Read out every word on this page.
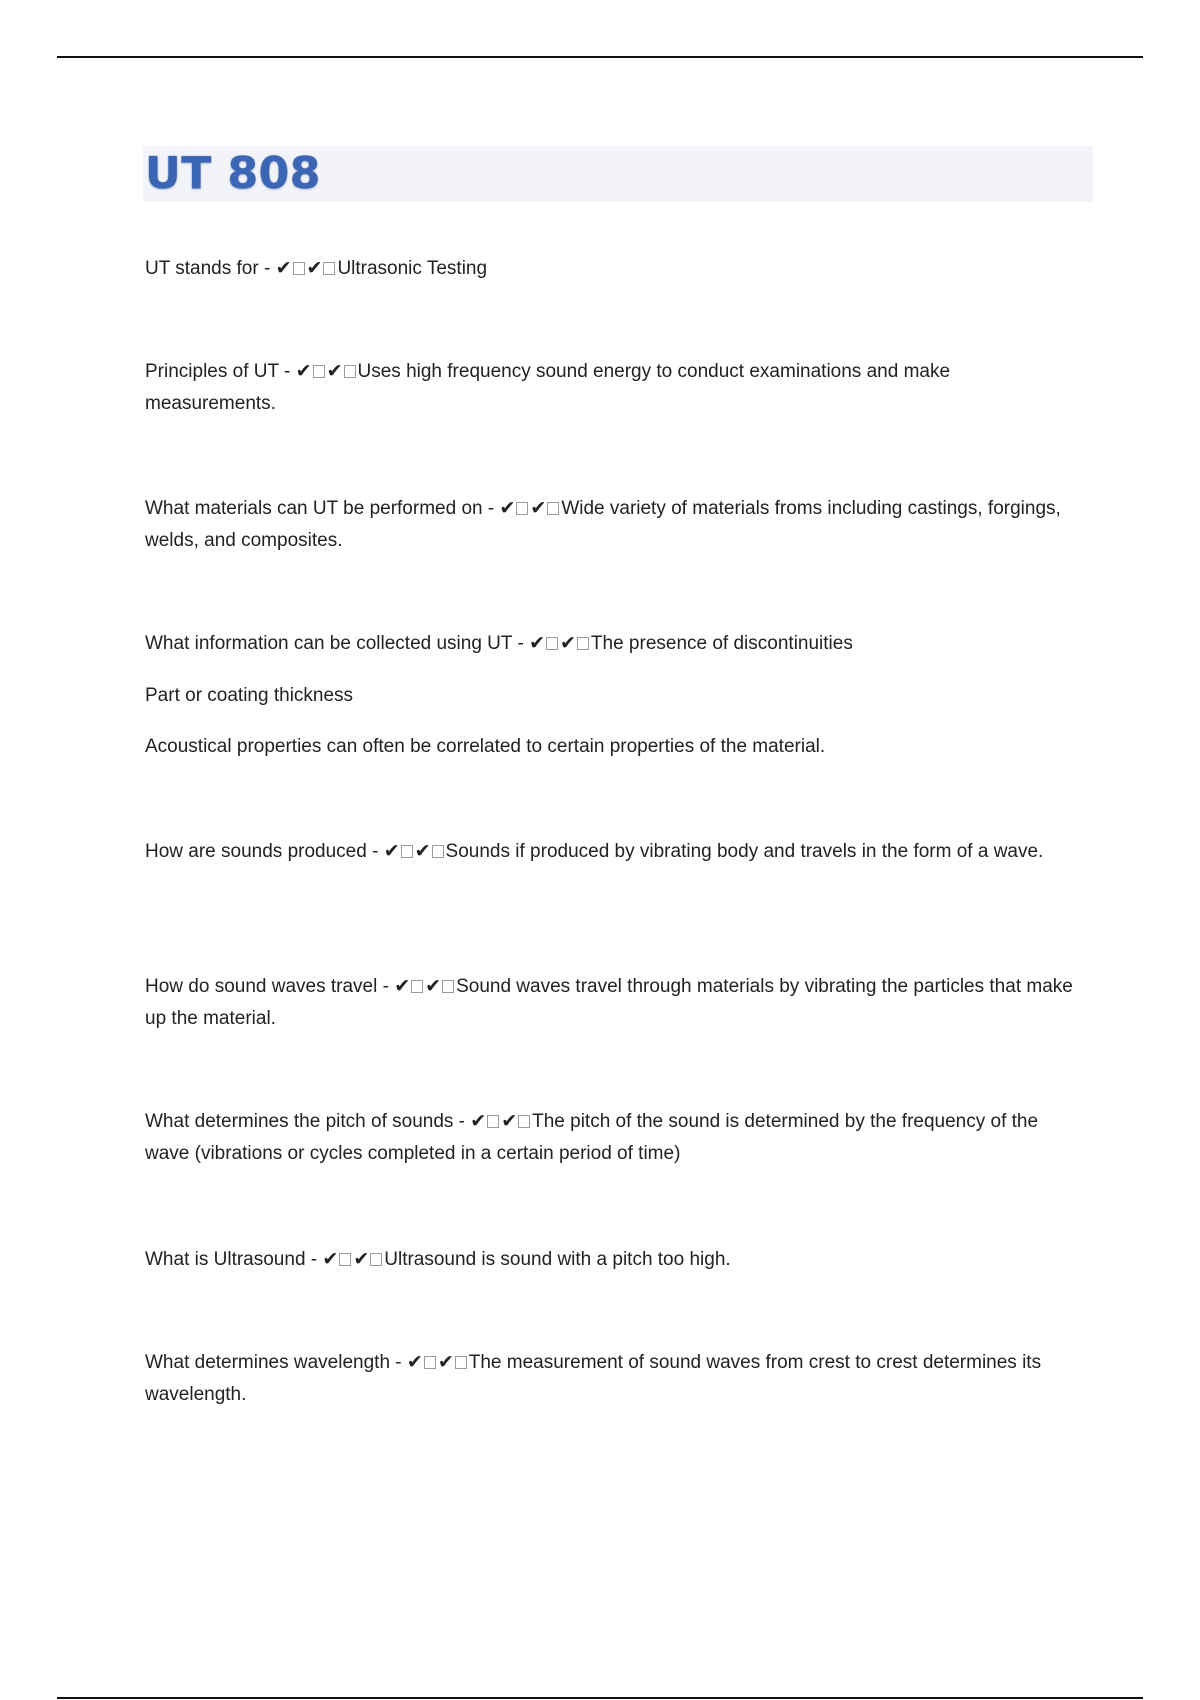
UT 808

UT stands for - ✔ ✔ Ultrasonic Testing

Principles of UT - ✔ ✔ Uses high frequency sound energy to conduct examinations and make measurements.

What materials can UT be performed on - ✔ ✔ Wide variety of materials froms including castings, forgings, welds, and composites.

What information can be collected using UT - ✔ ✔ The presence of discontinuities

Part or coating thickness

Acoustical properties can often be correlated to certain properties of the material.

How are sounds produced - ✔ ✔ Sounds if produced by vibrating body and travels in the form of a wave.

How do sound waves travel - ✔ ✔ Sound waves travel through materials by vibrating the particles that make up the material.

What determines the pitch of sounds - ✔ ✔ The pitch of the sound is determined by the frequency of the wave (vibrations or cycles completed in a certain period of time)

What is Ultrasound - ✔ ✔ Ultrasound is sound with a pitch too high.

What determines wavelength - ✔ ✔ The measurement of sound waves from crest to crest determines its wavelength.
